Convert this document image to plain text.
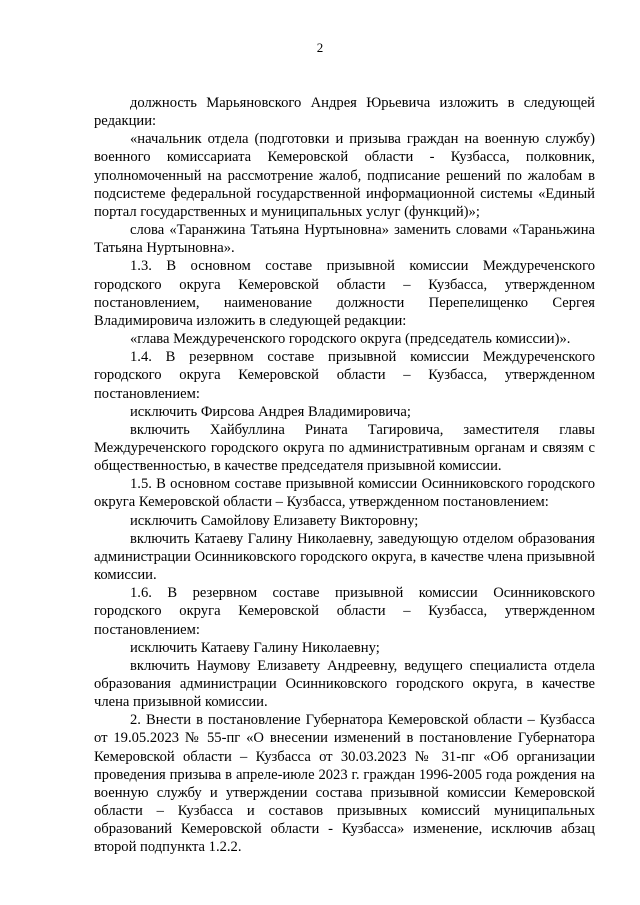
2

должность Марьяновского Андрея Юрьевича изложить в следующей редакции:

«начальник отдела (подготовки и призыва граждан на военную службу) военного комиссариата Кемеровской области - Кузбасса, полковник, уполномоченный на рассмотрение жалоб, подписание решений по жалобам в подсистеме федеральной государственной информационной системы «Единый портал государственных и муниципальных услуг (функций)»;

слова «Таранжина Татьяна Нуртыновна» заменить словами «Тараньжина Татьяна Нуртыновна».

1.3. В основном составе призывной комиссии Междуреченского городского округа Кемеровской области – Кузбасса, утвержденном постановлением, наименование должности Перепелищенко Сергея Владимировича изложить в следующей редакции:

«глава Междуреченского городского округа (председатель комиссии)».

1.4. В резервном составе призывной комиссии Междуреченского городского округа Кемеровской области – Кузбасса, утвержденном постановлением:

исключить Фирсова Андрея Владимировича;

включить Хайбуллина Рината Тагировича, заместителя главы Междуреченского городского округа по административным органам и связям с общественностью, в качестве председателя призывной комиссии.

1.5. В основном составе призывной комиссии Осинниковского городского округа Кемеровской области – Кузбасса, утвержденном постановлением:

исключить Самойлову Елизавету Викторовну;

включить Катаеву Галину Николаевну, заведующую отделом образования администрации Осинниковского городского округа, в качестве члена призывной комиссии.

1.6. В резервном составе призывной комиссии Осинниковского городского округа Кемеровской области – Кузбасса, утвержденном постановлением:

исключить Катаеву Галину Николаевну;

включить Наумову Елизавету Андреевну, ведущего специалиста отдела образования администрации Осинниковского городского округа, в качестве члена призывной комиссии.

2. Внести в постановление Губернатора Кемеровской области – Кузбасса от 19.05.2023 № 55-пг «О внесении изменений в постановление Губернатора Кемеровской области – Кузбасса от 30.03.2023 № 31-пг «Об организации проведения призыва в апреле-июле 2023 г. граждан 1996-2005 года рождения на военную службу и утверждении состава призывной комиссии Кемеровской области – Кузбасса и составов призывных комиссий муниципальных образований Кемеровской области - Кузбасса» изменение, исключив абзац второй подпункта 1.2.2.
